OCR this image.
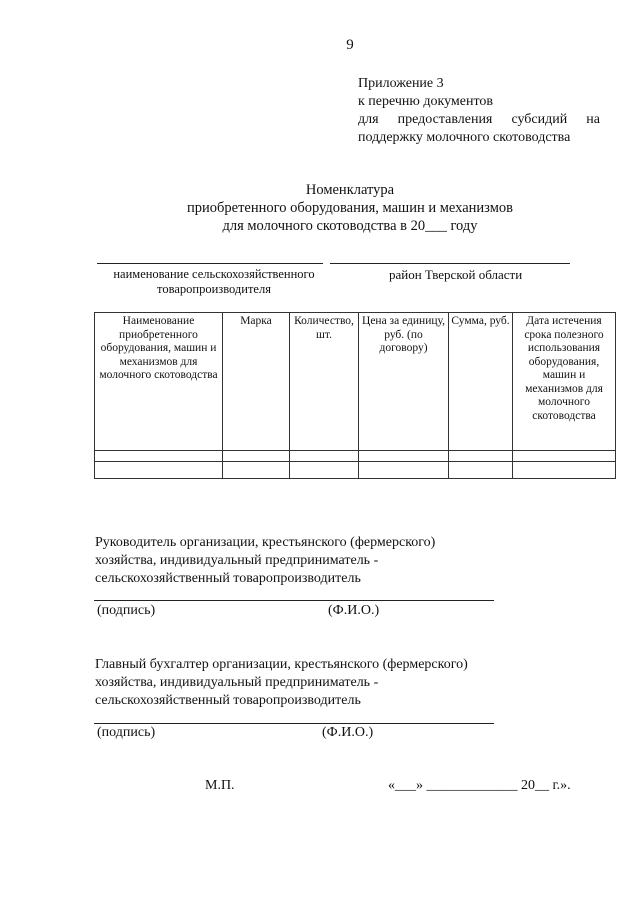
9
Приложение 3
к перечню документов
для предоставления субсидий на
поддержку молочного скотоводства
Номенклатура
приобретенного оборудования, машин и механизмов
для молочного скотоводства в 20___ году
наименование сельскохозяйственного
товаропроизводителя
район Тверской области
Наименование приобретенного оборудования, машин и механизмов для молочного скотоводства	Марка	Количество, шт.	Цена за единицу, руб. (по договору)	Сумма, руб.	Дата истечения срока полезного использования оборудования, машин и механизмов для молочного скотоводства

Руководитель организации, крестьянского (фермерского)
хозяйства, индивидуальный предприниматель -
сельскохозяйственный товаропроизводитель
(подпись)	(Ф.И.О.)
Главный бухгалтер организации, крестьянского (фермерского)
хозяйства, индивидуальный предприниматель -
сельскохозяйственный товаропроизводитель
(подпись)	(Ф.И.О.)
М.П.	«___» _____________ 20__ г.».
